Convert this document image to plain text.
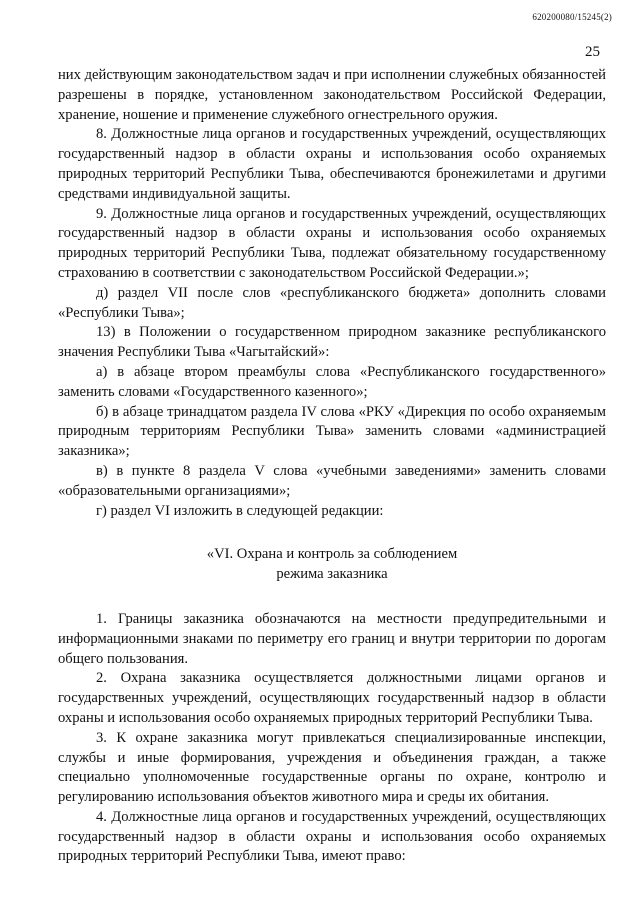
620200080/15245(2)
25

них действующим законодательством задач и при исполнении служебных обязанностей разрешены в порядке, установленном законодательством Российской Федерации, хранение, ношение и применение служебного огнестрельного оружия.

8. Должностные лица органов и государственных учреждений, осуществляющих государственный надзор в области охраны и использования особо охраняемых природных территорий Республики Тыва, обеспечиваются бронежилетами и другими средствами индивидуальной защиты.

9. Должностные лица органов и государственных учреждений, осуществляющих государственный надзор в области охраны и использования особо охраняемых природных территорий Республики Тыва, подлежат обязательному государственному страхованию в соответствии с законодательством Российской Федерации.»;

д) раздел VII после слов «республиканского бюджета» дополнить словами «Республики Тыва»;

13) в Положении о государственном природном заказнике республиканского значения Республики Тыва «Чагытайский»:

а) в абзаце втором преамбулы слова «Республиканского государственного» заменить словами «Государственного казенного»;

б) в абзаце тринадцатом раздела IV слова «РКУ «Дирекция по особо охраняемым природным территориям Республики Тыва» заменить словами «администрацией заказника»;

в) в пункте 8 раздела V слова «учебными заведениями» заменить словами «образовательными организациями»;

г) раздел VI изложить в следующей редакции:

«VI. Охрана и контроль за соблюдением
режима заказника

1. Границы заказника обозначаются на местности предупредительными и информационными знаками по периметру его границ и внутри территории по дорогам общего пользования.

2. Охрана заказника осуществляется должностными лицами органов и государственных учреждений, осуществляющих государственный надзор в области охраны и использования особо охраняемых природных территорий Республики Тыва.

3. К охране заказника могут привлекаться специализированные инспекции, службы и иные формирования, учреждения и объединения граждан, а также специально уполномоченные государственные органы по охране, контролю и регулированию использования объектов животного мира и среды их обитания.

4. Должностные лица органов и государственных учреждений, осуществляющих государственный надзор в области охраны и использования особо охраняемых природных территорий Республики Тыва, имеют право:
